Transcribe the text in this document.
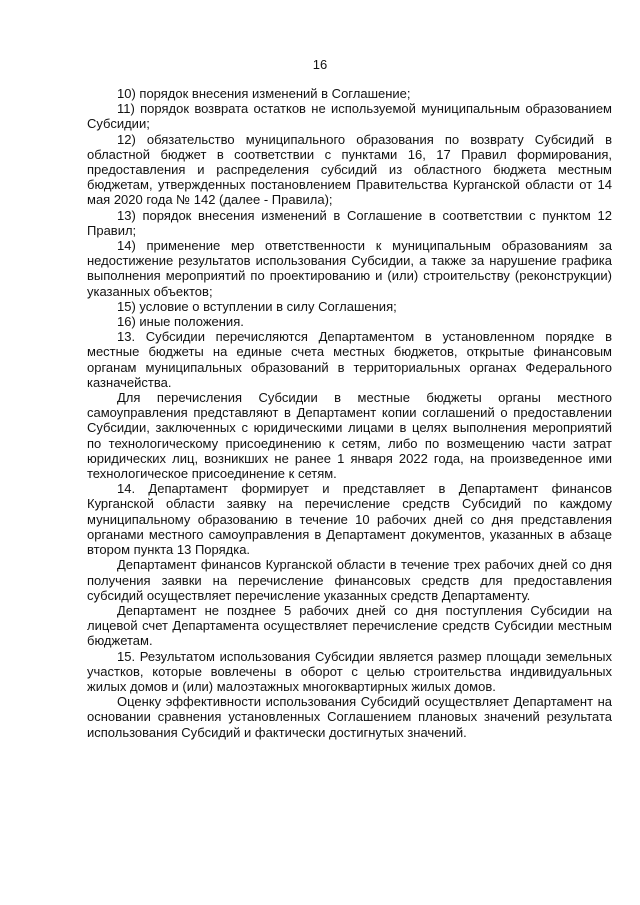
16

10) порядок внесения изменений в Соглашение;

11) порядок возврата остатков не используемой муниципальным образованием Субсидии;

12) обязательство муниципального образования по возврату Субсидий в областной бюджет в соответствии с пунктами 16, 17 Правил формирования, предоставления и распределения субсидий из областного бюджета местным бюджетам, утвержденных постановлением Правительства Курганской области от 14 мая 2020 года № 142 (далее - Правила);

13) порядок внесения изменений в Соглашение в соответствии с пунктом 12 Правил;

14) применение мер ответственности к муниципальным образованиям за недостижение результатов использования Субсидии, а также за нарушение графика выполнения мероприятий по проектированию и (или) строительству (реконструкции) указанных объектов;

15) условие о вступлении в силу Соглашения;

16) иные положения.

13. Субсидии перечисляются Департаментом в установленном порядке в местные бюджеты на единые счета местных бюджетов, открытые финансовым органам муниципальных образований в территориальных органах Федерального казначейства.

Для перечисления Субсидии в местные бюджеты органы местного самоуправления представляют в Департамент копии соглашений о предоставлении Субсидии, заключенных с юридическими лицами в целях выполнения мероприятий по технологическому присоединению к сетям, либо по возмещению части затрат юридических лиц, возникших не ранее 1 января 2022 года, на произведенное ими технологическое присоединение к сетям.

14. Департамент формирует и представляет в Департамент финансов Курганской области заявку на перечисление средств Субсидий по каждому муниципальному образованию в течение 10 рабочих дней со дня представления органами местного самоуправления в Департамент документов, указанных в абзаце втором пункта 13 Порядка.

Департамент финансов Курганской области в течение трех рабочих дней со дня получения заявки на перечисление финансовых средств для предоставления субсидий осуществляет перечисление указанных средств Департаменту.

Департамент не позднее 5 рабочих дней со дня поступления Субсидии на лицевой счет Департамента осуществляет перечисление средств Субсидии местным бюджетам.

15. Результатом использования Субсидии является размер площади земельных участков, которые вовлечены в оборот с целью строительства индивидуальных жилых домов и (или) малоэтажных многоквартирных жилых домов.

Оценку эффективности использования Субсидий осуществляет Департамент на основании сравнения установленных Соглашением плановых значений результата использования Субсидий и фактически достигнутых значений.
